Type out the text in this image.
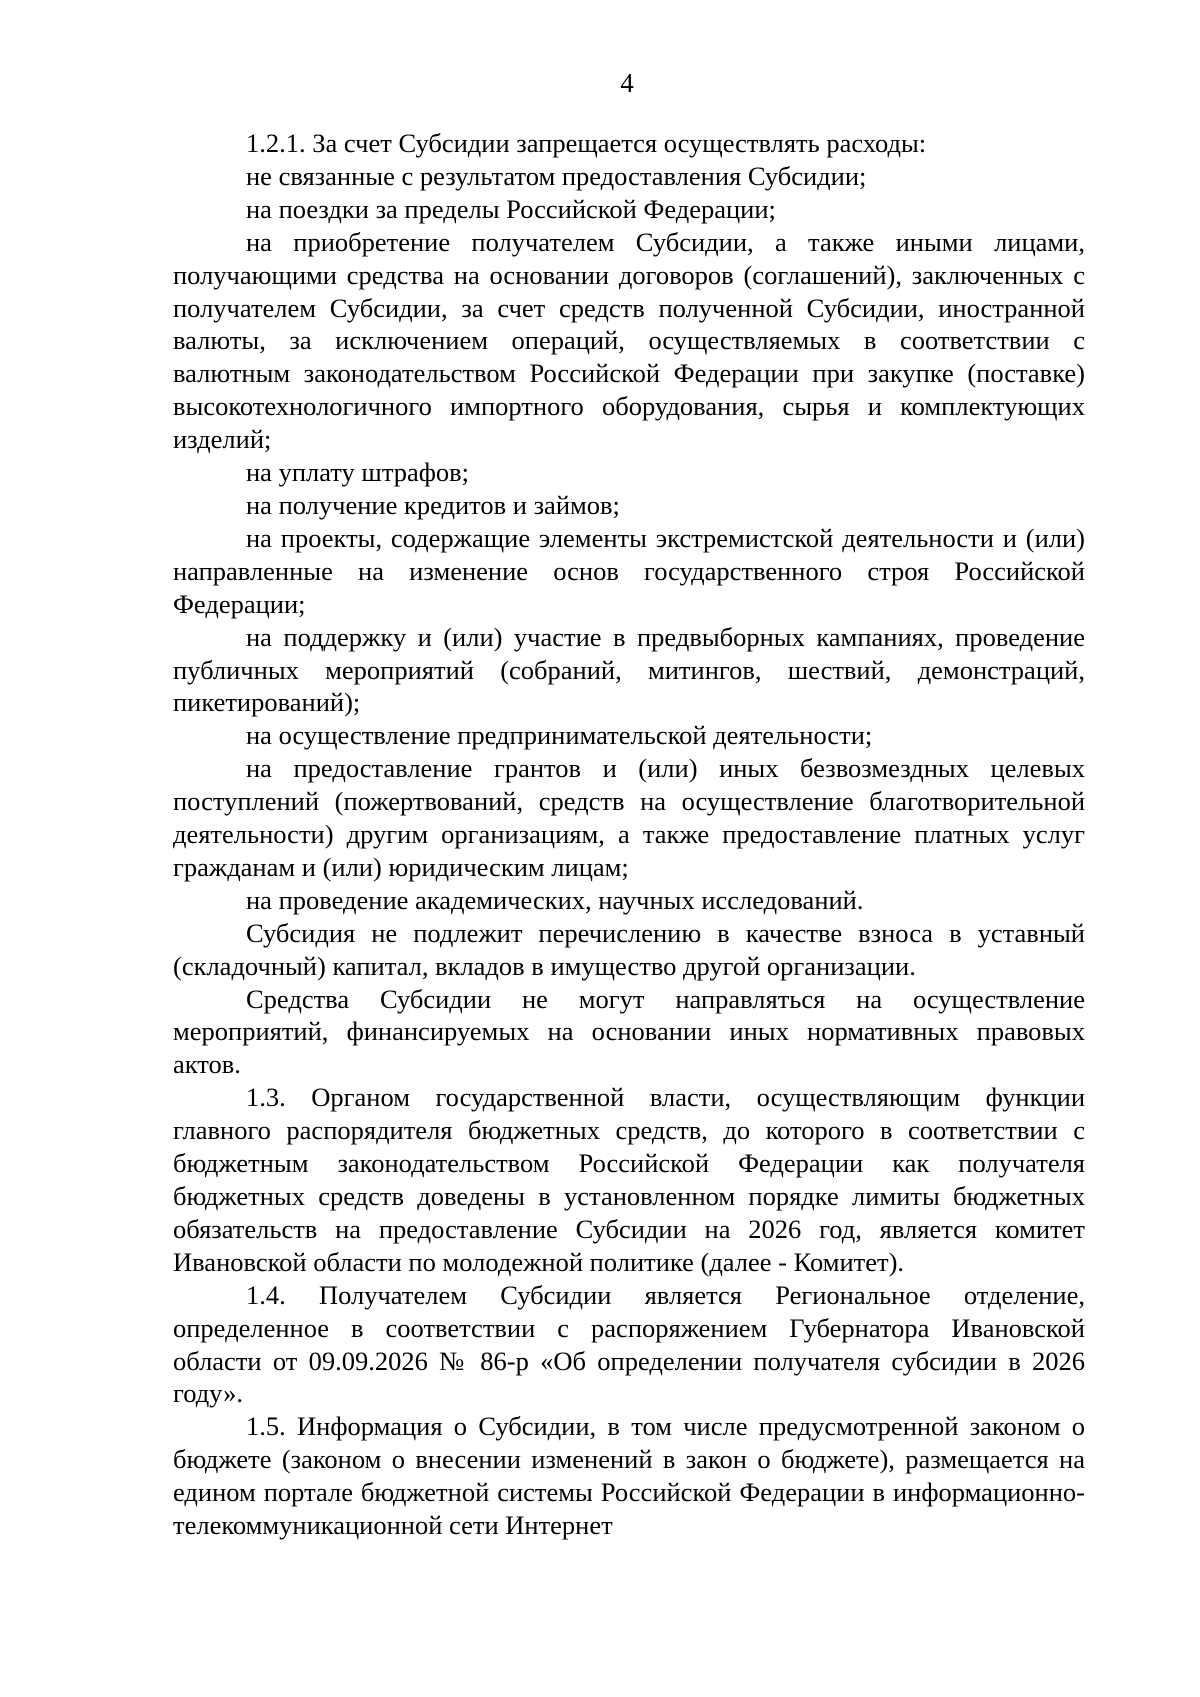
4

1.2.1. За счет Субсидии запрещается осуществлять расходы:

не связанные с результатом предоставления Субсидии;

на поездки за пределы Российской Федерации;

на приобретение получателем Субсидии, а также иными лицами, получающими средства на основании договоров (соглашений), заключенных с получателем Субсидии, за счет средств полученной Субсидии, иностранной валюты, за исключением операций, осуществляемых в соответствии с валютным законодательством Российской Федерации при закупке (поставке) высокотехнологичного импортного оборудования, сырья и комплектующих изделий;

на уплату штрафов;

на получение кредитов и займов;

на проекты, содержащие элементы экстремистской деятельности и (или) направленные на изменение основ государственного строя Российской Федерации;

на поддержку и (или) участие в предвыборных кампаниях, проведение публичных мероприятий (собраний, митингов, шествий, демонстраций, пикетирований);

на осуществление предпринимательской деятельности;

на предоставление грантов и (или) иных безвозмездных целевых поступлений (пожертвований, средств на осуществление благотворительной деятельности) другим организациям, а также предоставление платных услуг гражданам и (или) юридическим лицам;

на проведение академических, научных исследований.

Субсидия не подлежит перечислению в качестве взноса в уставный (складочный) капитал, вкладов в имущество другой организации.

Средства Субсидии не могут направляться на осуществление мероприятий, финансируемых на основании иных нормативных правовых актов.

1.3. Органом государственной власти, осуществляющим функции главного распорядителя бюджетных средств, до которого в соответствии с бюджетным законодательством Российской Федерации как получателя бюджетных средств доведены в установленном порядке лимиты бюджетных обязательств на предоставление Субсидии на 2026 год, является комитет Ивановской области по молодежной политике (далее - Комитет).

1.4. Получателем Субсидии является Региональное отделение, определенное в соответствии с распоряжением Губернатора Ивановской области от 09.09.2026 № 86-р «Об определении получателя субсидии в 2026 году».

1.5. Информация о Субсидии, в том числе предусмотренной законом о бюджете (законом о внесении изменений в закон о бюджете), размещается на едином портале бюджетной системы Российской Федерации в информационно-телекоммуникационной сети Интернет
